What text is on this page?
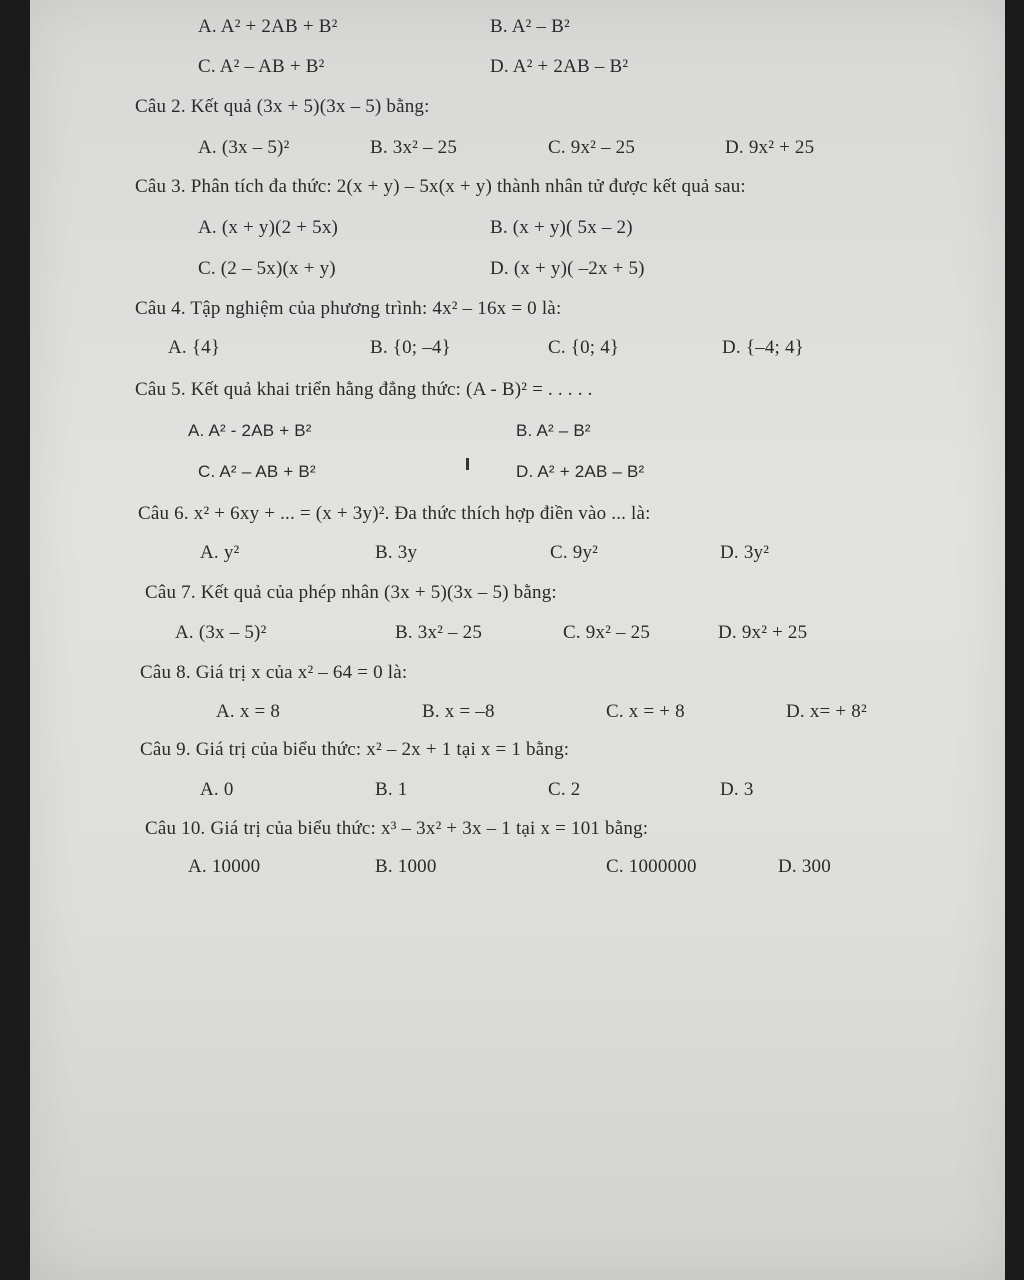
A. A² + 2AB + B²	B. A² – B²
C. A² – AB + B²	D. A² + 2AB – B²
Câu 2. Kết quả (3x + 5)(3x – 5) bằng:
A. (3x – 5)²	B. 3x² – 25	C. 9x² – 25	D. 9x² + 25
Câu 3. Phân tích đa thức: 2(x + y) – 5x(x + y) thành nhân tử được kết quả sau:
A. (x + y)(2 + 5x)	B. (x + y)( 5x – 2)
C. (2 – 5x)(x + y)	D. (x + y)( –2x + 5)
Câu 4. Tập nghiệm của phương trình: 4x² – 16x = 0 là:
A. {4}	B. {0; –4}	C. {0; 4}	D. {–4; 4}
Câu 5. Kết quả khai triển hằng đẳng thức: (A - B)² = . . . . .
A. A² - 2AB + B²	B. A² – B²
C. A² – AB + B²	D. A² + 2AB – B²
Câu 6. x² + 6xy + ... = (x + 3y)². Đa thức thích hợp điền vào ... là:
A. y²	B. 3y	C. 9y²	D. 3y²
Câu 7. Kết quả của phép nhân (3x + 5)(3x – 5) bằng:
A. (3x – 5)²	B. 3x² – 25	C. 9x² – 25	D. 9x² + 25
Câu 8. Giá trị x của x² – 64 = 0 là:
A. x = 8	B. x = –8	C. x = + 8	D. x= + 8²
Câu 9. Giá trị của biểu thức: x² – 2x + 1 tại x = 1 bằng:
A. 0	B. 1	C. 2	D. 3
Câu 10. Giá trị của biểu thức: x³ – 3x² + 3x – 1 tại x = 101 bằng:
A. 10000	B. 1000	C. 1000000	D. 300
